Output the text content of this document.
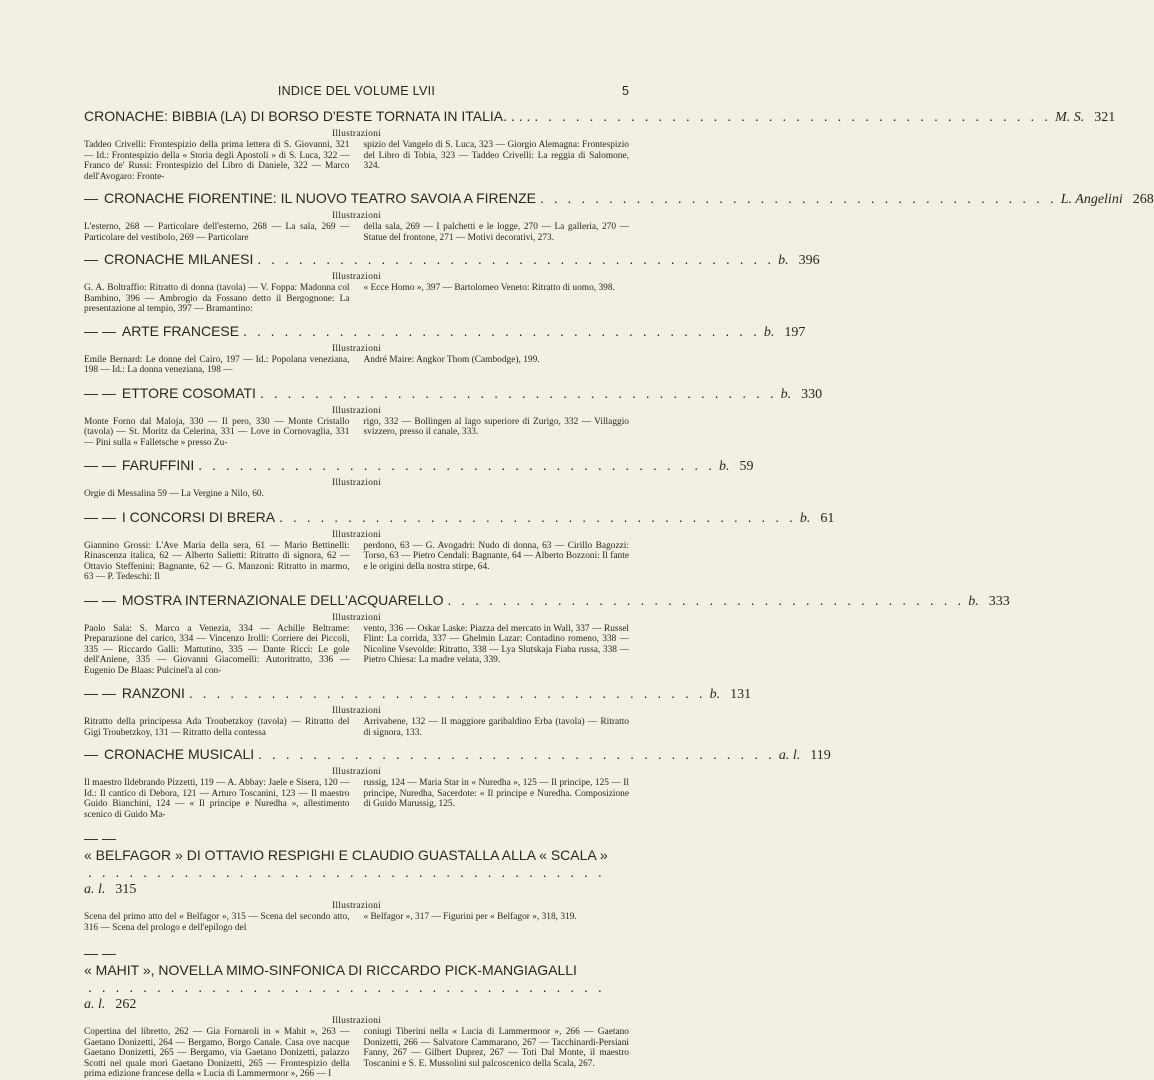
INDICE DEL VOLUME LVII	5
CRONACHE: BIBBIA (LA) DI BORSO D'ESTE TORNATA IN ITALIA. . . . . . . . . . . . . . . . . . . . . . . . . . . . . . . . . . . . . . . . . . M. S. 321
Illustrazioni
Taddeo Crivelli: Frontespizio della prima lettera di S. Giovanni, 321 — Id.: Frontespizio della « Storia degli Apostoli » di S. Luca, 322 — Franco de' Russi: Frontespizio del Libro di Daniele, 322 — Marco dell'Avogaro: Fronte-
spizio del Vangelo di S. Luca, 323 — Giorgio Alemagna: Frontespizio del Libro di Tobia, 323 — Taddeo Crivelli: La reggia di Salomone, 324.
— CRONACHE FIORENTINE: IL NUOVO TEATRO SAVOIA A FIRENZE . . . . . . . . . . . . . . . . . . . . . . . . . . . . . . . . . . . . . . L. Angelini 268
Illustrazioni
L'esterno, 268 — Particolare dell'esterno, 268 — La sala, 269 — Particolare del vestibolo, 269 — Particolare
della sala, 269 — I palchetti e le logge, 270 — La galleria, 270 — Statue del frontone, 271 — Motivi decorativi, 273.
— CRONACHE MILANESI . . . . . . . . . . . . . . . . . . . . . . . . . . . . . . . . . . . . . . b. 396
Illustrazioni
G. A. Boltraffio: Ritratto di donna (tavola) — V. Foppa: Madonna col Bambino, 396 — Ambrogio da Fossano detto il Bergognone: La presentazione al tempio, 397 — Bramantino:
« Ecce Homo », 397 — Bartolomeo Veneto: Ritratto di uomo, 398.
— — ARTE FRANCESE . . . . . . . . . . . . . . . . . . . . . . . . . . . . . . . . . . . . . . b. 197
Illustrazioni
Emile Bernard: Le donne del Cairo, 197 — Id.: Popolana veneziana, 198 — Id.: La donna veneziana, 198 —
André Maire: Angkor Thom (Cambodge), 199.
— — ETTORE COSOMATI . . . . . . . . . . . . . . . . . . . . . . . . . . . . . . . . . . . . . . b. 330
Illustrazioni
Monte Forno dal Maloja, 330 — Il pero, 330 — Monte Cristallo (tavola) — St. Moritz da Celerina, 331 — Love in Cornovaglia, 331 — Pini sulla « Falletsche » presso Zu-
rigo, 332 — Bollingen al lago superiore di Zurigo, 332 — Villaggio svizzero, presso il canale, 333.
— — FARUFFINI . . . . . . . . . . . . . . . . . . . . . . . . . . . . . . . . . . . . . . b. 59
Illustrazioni
Orgie di Messalina 59 — La Vergine a Nilo, 60.
— — I CONCORSI DI BRERA . . . . . . . . . . . . . . . . . . . . . . . . . . . . . . . . . . . . . . b. 61
Illustrazioni
Giannino Grossi: L'Ave Maria della sera, 61 — Mario Bettinelli: Rinascenza italica, 62 — Alberto Salietti: Ritratto di signora, 62 — Ottavio Steffenini: Bagnante, 62 — G. Manzoni: Ritratto in marmo, 63 — P. Tedeschi: Il
perdono, 63 — G. Avogadri: Nudo di donna, 63 — Cirillo Bagozzi: Torso, 63 — Pietro Cendali: Bagnante, 64 — Alberto Bozzoni: Il fante e le origini della nostra stirpe, 64.
— — MOSTRA INTERNAZIONALE DELL'ACQUARELLO . . . . . . . . . . . . . . . . . . . . . . . . . . . . . . . . . . . . . . b. 333
Illustrazioni
Paolo Sala: S. Marco a Venezia, 334 — Achille Beltrame: Preparazione del carico, 334 — Vincenzo Irolli: Corriere dei Piccoli, 335 — Riccardo Galli: Mattutino, 335 — Dante Ricci: Le gole dell'Aniene, 335 — Giovanni Giacomelli: Autoritratto, 336 — Eugenio De Blaas: Pulcinel'a al con-
vento, 336 — Oskar Laske: Piazza del mercato in Wall, 337 — Russel Flint: La corrida, 337 — Ghelmin Lazar: Contadino romeno, 338 — Nicoline Vsevolde: Ritratto, 338 — Lya Slutskaja Fiaba russa, 338 — Pietro Chiesa: La madre velata, 339.
— — RANZONI . . . . . . . . . . . . . . . . . . . . . . . . . . . . . . . . . . . . . . b. 131
Illustrazioni
Ritratto della principessa Ada Troubetzkoy (tavola) — Ritratto del Gigi Troubetzkoy, 131 — Ritratto della contessa
Arrivabene, 132 — Il maggiore garibaldino Erba (tavola) — Ritratto di signora, 133.
— CRONACHE MUSICALI . . . . . . . . . . . . . . . . . . . . . . . . . . . . . . . . . . . . . . a. l. 119
Illustrazioni
Il maestro Ildebrando Pizzetti, 119 — A. Abbay: Jaele e Sisera, 120 — Id.: Il cantico di Debora, 121 — Arturo Toscanini, 123 — Il maestro Guido Bianchini, 124 — « Il principe e Nuredha », allestimento scenico di Guido Ma-
russig, 124 — Maria Star in « Nuredha », 125 — Il principe, 125 — Il principe, Nuredha, Sacerdote: « Il principe e Nuredha. Composizione di Guido Marussig, 125.
— —
« BELFAGOR » DI OTTAVIO RESPIGHI E CLAUDIO GUASTALLA ALLA « SCALA »
. . . . . . . . . . . . . . . . . . . . . . . . . . . . . . . . . . . . . .
a. l. 315
Illustrazioni
Scena del primo atto del « Belfagor », 315 — Scena del secondo atto, 316 — Scena del prologo e dell'epilogo del
« Belfagor », 317 — Figurini per « Belfagor », 318, 319.
— —
« MAHIT », NOVELLA MIMO-SINFONICA DI RICCARDO PICK-MANGIAGALLI
. . . . . . . . . . . . . . . . . . . . . . . . . . . . . . . . . . . . . .
a. l. 262
Illustrazioni
Copertina del libretto, 262 — Gia Fornaroli in « Mahit », 263 — Gaetano Donizetti, 264 — Bergamo, Borgo Canale. Casa ove nacque Gaetano Donizetti, 265 — Bergamo, via Gaetano Donizetti, palazzo Scotti nel quale morì Gaetano Donizetti, 265 — Frontespizio della prima edizione francese della « Lucia di Lammermoor », 266 — I
coniugi Tiberini nella « Lucia di Lammermoor », 266 — Gaetano Donizetti, 266 — Salvatore Cammarano, 267 — Tacchinardi-Persiani Fanny, 267 — Gilbert Duprez, 267 — Toti Dal Monte, il maestro Toscanini e S. E. Mussolini sul palcoscenico della Scala, 267.
